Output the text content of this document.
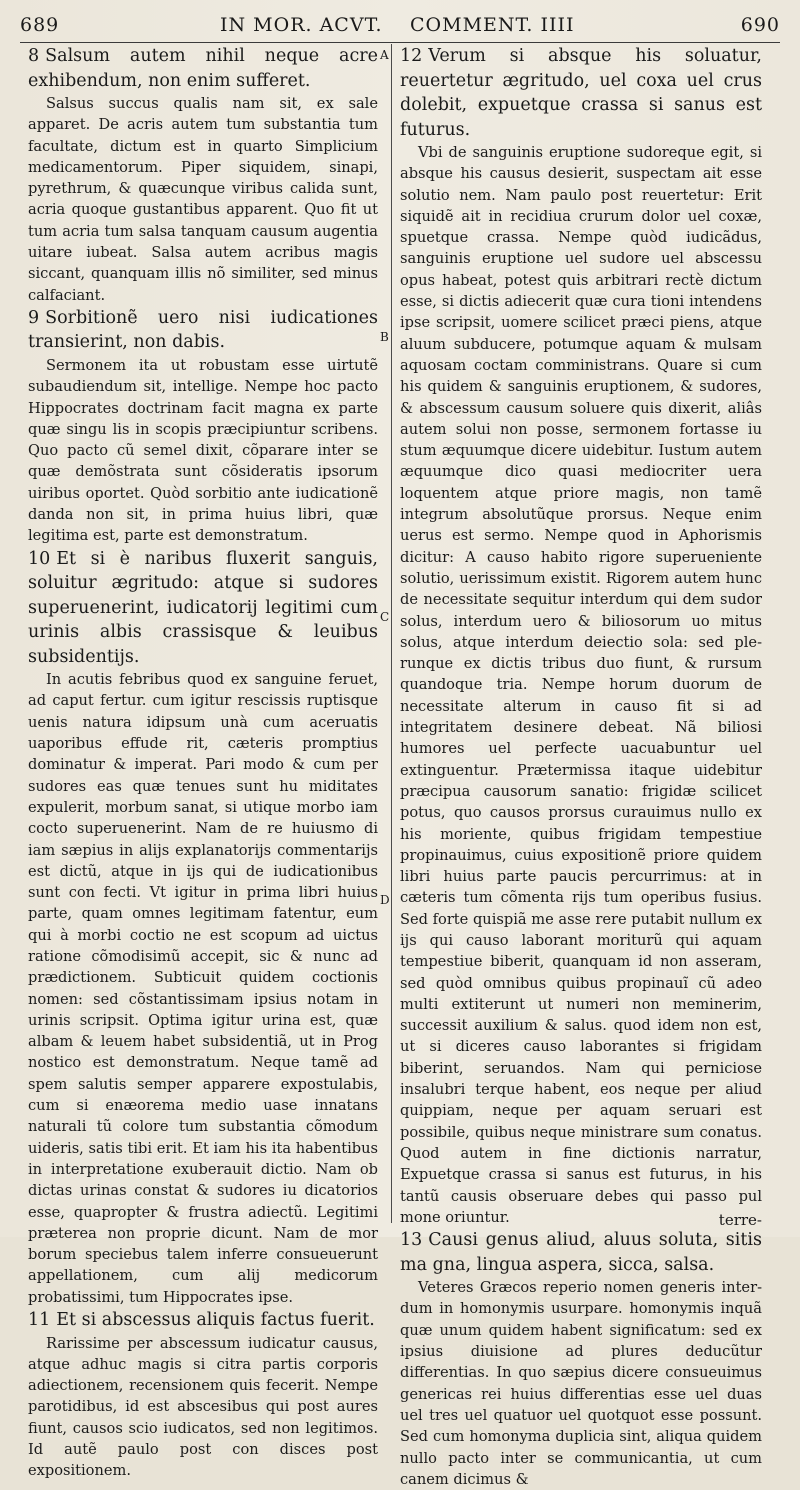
689	IN MOR. ACVT. COMMENT. IIII	690
A
B
C
D

8 Salsum autem nihil neque acre exhibendum, non enim sufferet.

Salsus succus qualis nam sit, ex sale apparet. De acris autem tum substantia tum facultate, dictum est in quarto Simplicium medicamentorum. Piper siquidem, sinapi, pyrethrum, & quæcunque viribus calida sunt, acria quoque gustantibus apparent. Quo fit ut tum acria tum salsa tanquam causum augentia uitare iubeat. Salsa autem acribus magis siccant, quanquam illis nõ similiter, sed minus calfaciant.

9 Sorbitionẽ uero nisi iudicationes transierint, non dabis.

Sermonem ita ut robustam esse uirtutẽ subaudiendum sit, intellige. Nempe hoc pacto Hippocrates doctrinam facit magna ex parte quæ singu lis in scopis præcipiuntur scribens. Quo pacto cũ semel dixit, cõparare inter se quæ demõstrata sunt cõsideratis ipsorum uiribus oportet. Quòd sorbitio ante iudicationẽ danda non sit, in prima huius libri, quæ legitima est, parte est demonstratum.

10 Et si è naribus fluxerit sanguis, soluitur ægritudo: atque si sudores superuenerint, iudicatorij legitimi cum urinis albis crassisque & leuibus subsidentijs.

In acutis febribus quod ex sanguine feruet, ad caput fertur. cum igitur rescissis ruptisque uenis natura idipsum unà cum aceruatis uaporibus effude rit, cæteris promptius dominatur & imperat. Pari modo & cum per sudores eas quæ tenues sunt hu miditates expulerit, morbum sanat, si utique morbo iam cocto superuenerint. Nam de re huiusmo di iam sæpius in alijs explanatorijs commentarijs est dictũ, atque in ijs qui de iudicationibus sunt con fecti. Vt igitur in prima libri huius parte, quam omnes legitimam fatentur, eum qui à morbi coctio ne est scopum ad uictus ratione cõmodisimũ accepit, sic & nunc ad prædictionem. Subticuit quidem coctionis nomen: sed cõstantissimam ipsius notam in urinis scripsit. Optima igitur urina est, quæ albam & leuem habet subsidentiã, ut in Prog nostico est demonstratum. Neque tamẽ ad spem salutis semper apparere expostulabis, cum si enæorema medio uase innatans naturali tũ colore tum substantia cõmodum uideris, satis tibi erit. Et iam his ita habentibus in interpretatione exuberauit dictio. Nam ob dictas urinas constat & sudores iu dicatorios esse, quapropter & frustra adiectũ. Legitimi præterea non proprie dicunt. Nam de mor borum speciebus talem inferre consueuerunt appellationem, cum alij medicorum probatissimi, tum Hippocrates ipse.

11 Et si abscessus aliquis factus fuerit.

Rarissime per abscessum iudicatur causus, atque adhuc magis si citra partis corporis adiectionem, recensionem quis fecerit. Nempe parotidibus, id est abscesibus qui post aures fiunt, causos scio iudicatos, sed non legitimos. Id autẽ paulo post con disces post expositionem.

12 Verum si absque his soluatur, reuertetur ægritudo, uel coxa uel crus dolebit, expuetque crassa si sanus est futurus.

Vbi de sanguinis eruptione sudoreque egit, si absque his causus desierit, suspectam ait esse solutio nem. Nam paulo post reuertetur: Erit siquidẽ ait in recidiua crurum dolor uel coxæ, spuetque crassa. Nempe quòd iudicãdus, sanguinis eruptione uel sudore uel abscessu opus habeat, potest quis arbitrari rectè dictum esse, si dictis adiecerit quæ cura tioni intendens ipse scripsit, uomere scilicet præci piens, atque aluum subducere, potumque aquam & mulsam aquosam coctam comministrans. Quare si cum his quidem & sanguinis eruptionem, & sudores, & abscessum causum soluere quis dixerit, aliâs autem solui non posse, sermonem fortasse iu stum æquumque dicere uidebitur. Iustum autem æquumque dico quasi mediocriter uera loquentem atque priore magis, non tamẽ integrum absolutũque prorsus. Neque enim uerus est sermo. Nempe quod in Aphorismis dicitur: A causo habito rigore superueniente solutio, uerissimum existit. Rigorem autem hunc de necessitate sequitur interdum qui dem sudor solus, interdum uero & biliosorum uo mitus solus, atque interdum deiectio sola: sed plerunque ex dictis tribus duo fiunt, & rursum quandoque tria. Nempe horum duorum de necessitate alterum in causo fit si ad integritatem desinere debeat. Nã biliosi humores uel perfecte uacuabuntur uel extinguentur. Prætermissa itaque uidebitur præcipua causorum sanatio: frigidæ scilicet potus, quo causos prorsus curauimus nullo ex his moriente, quibus frigidam tempestiue propinauimus, cuius expositionẽ priore quidem libri huius parte paucis percurrimus: at in cæteris tum cõmenta rijs tum operibus fusius. Sed forte quispiã me asse rere putabit nullum ex ijs qui causo laborant moriturũ qui aquam tempestiue biberit, quanquam id non asseram, sed quòd omnibus quibus propinauĩ cũ adeo multi extiterunt ut numeri non meminerim, successit auxilium & salus. quod idem non est, ut si diceres causo laborantes si frigidam biberint, seruandos. Nam qui perniciose insalubri terque habent, eos neque per aliud quippiam, neque per aquam seruari est possibile, quibus neque ministrare sum conatus. Quod autem in fine dictionis narratur, Expuetque crassa si sanus est futurus, in his tantũ causis obseruare debes qui passo pul mone oriuntur.

13 Causi genus aliud, aluus soluta, sitis ma gna, lingua aspera, sicca, salsa.

Veteres Græcos reperio nomen generis interdum in homonymis usurpare. homonymis inquã quæ unum quidem habent significatum: sed ex ipsius diuisione ad plures deducũtur differentias. In quo sæpius dicere consueuimus genericas rei huius differentias esse uel duas uel tres uel quatuor uel quotquot esse possunt. Sed cum homonyma duplicia sint, aliqua quidem nullo pacto inter se communicantia, ut cum canem dicimus &

terre-
